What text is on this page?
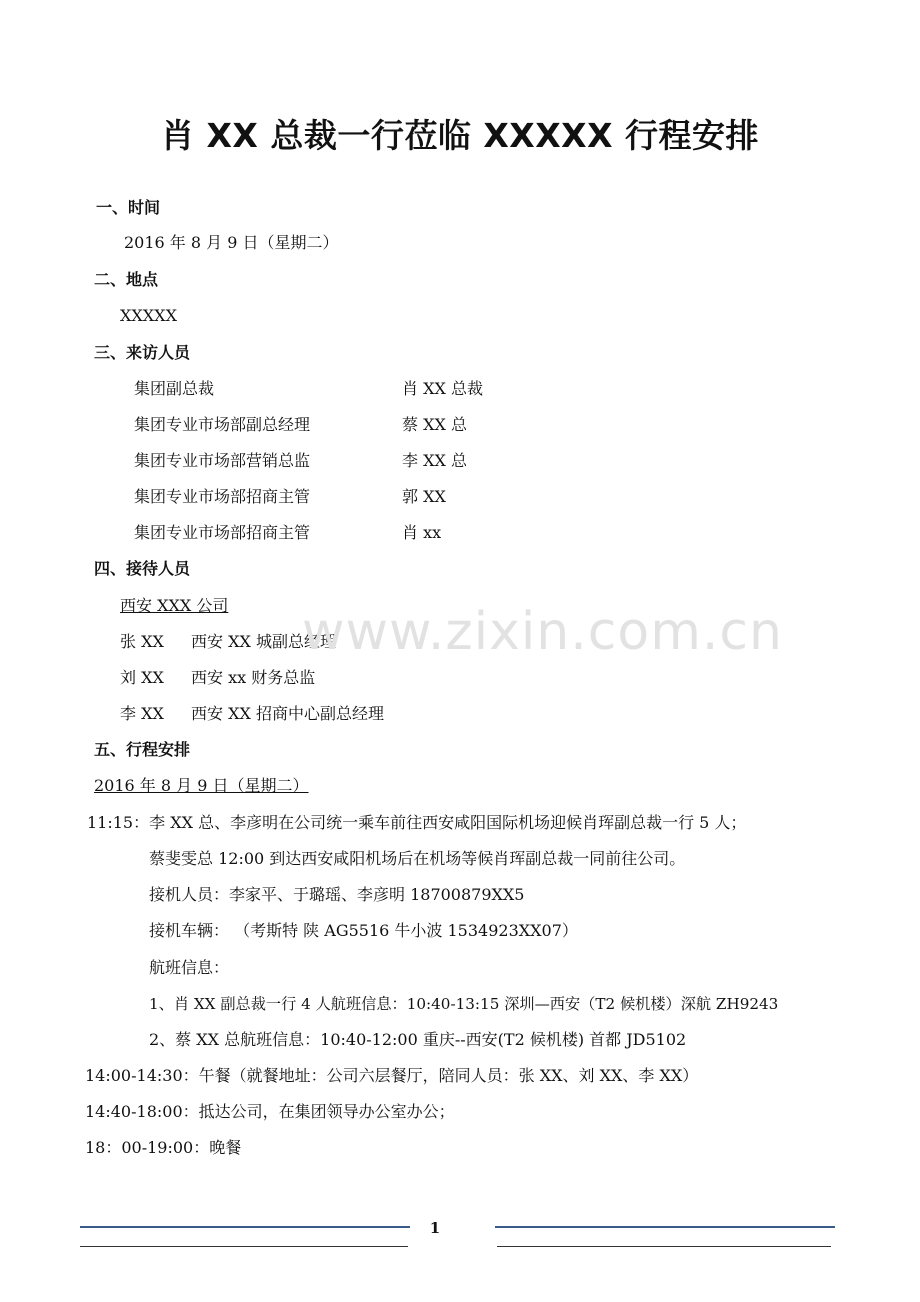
肖 XX 总裁一行莅临 XXXXX 行程安排
一、时间
2016 年 8 月 9 日（星期二）
二、地点
XXXXX
三、来访人员
集团副总裁	肖 XX 总裁
集团专业市场部副总经理	蔡 XX 总
集团专业市场部营销总监	李 XX 总
集团专业市场部招商主管	郭 XX
集团专业市场部招商主管	肖 xx
四、接待人员
西安 XXX 公司
张 XX 西安 XX 城副总经理
刘 XX 西安 xx 财务总监
李 XX 西安 XX 招商中心副总经理
www.zixin.com.cn
五、行程安排
2016 年 8 月 9 日（星期二）
11:15：李 XX 总、李彦明在公司统一乘车前往西安咸阳国际机场迎候肖珲副总裁一行 5 人；
蔡斐雯总 12:00 到达西安咸阳机场后在机场等候肖珲副总裁一同前往公司。
接机人员：李家平、于璐瑶、李彦明 18700879XX5
接机车辆： （考斯特 陕 AG5516 牛小波 1534923XX07）
航班信息：
1、肖 XX 副总裁一行 4 人航班信息：10:40-13:15 深圳—西安（T2 候机楼）深航 ZH9243
2、蔡 XX 总航班信息：10:40-12:00 重庆--西安(T2 候机楼) 首都 JD5102
14:00-14:30：午餐（就餐地址：公司六层餐厅，陪同人员：张 XX、刘 XX、李 XX）
14:40-18:00：抵达公司，在集团领导办公室办公；
18：00-19:00：晚餐
1
